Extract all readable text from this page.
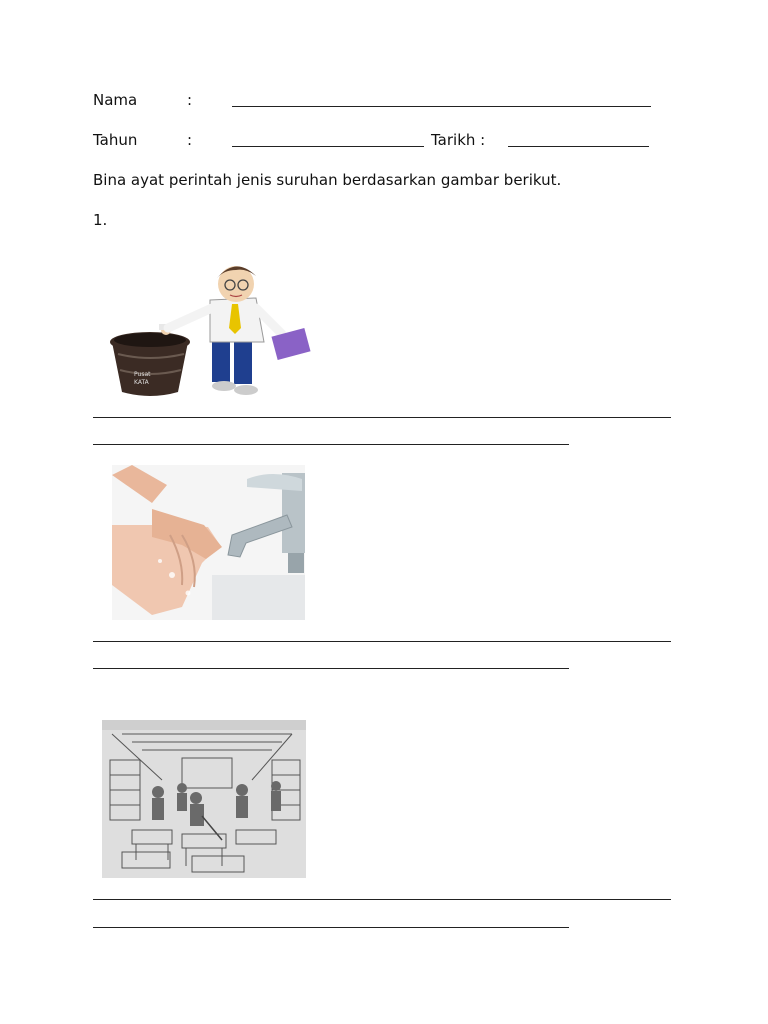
Nama	:
Tahun	:	Tarikh :
Bina ayat perintah jenis suruhan berdasarkan gambar berikut.
1.
Pusat
KATA
